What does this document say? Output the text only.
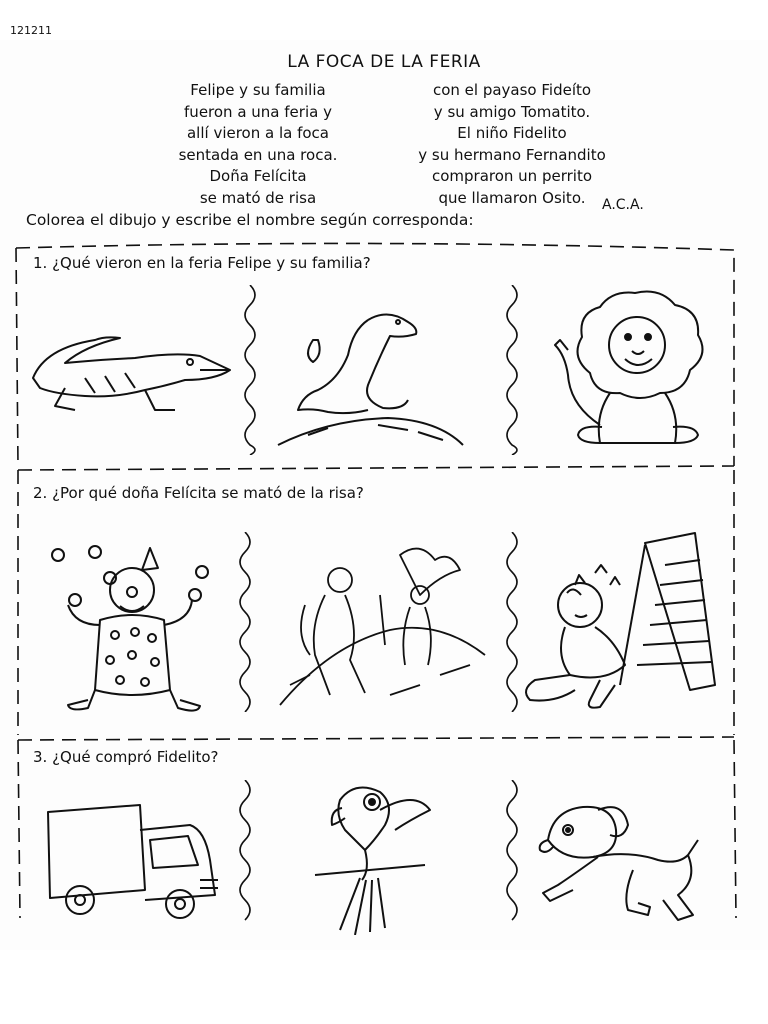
121211
LA FOCA DE LA FERIA
Felipe y su familia
fueron a una feria y
allí vieron a la foca
sentada en una roca.
Doña Felícita
se mató de risa
con el payaso Fideíto
y su amigo Tomatito.
El niño Fidelito
y su hermano Fernandito
compraron un perrito
que llamaron Osito.	A.C.A.
Colorea el dibujo y escribe el nombre según corresponda:
1. ¿Qué vieron en la feria Felipe y su familia?
2. ¿Por qué doña Felícita se mató de la risa?
3. ¿Qué compró Fidelito?
